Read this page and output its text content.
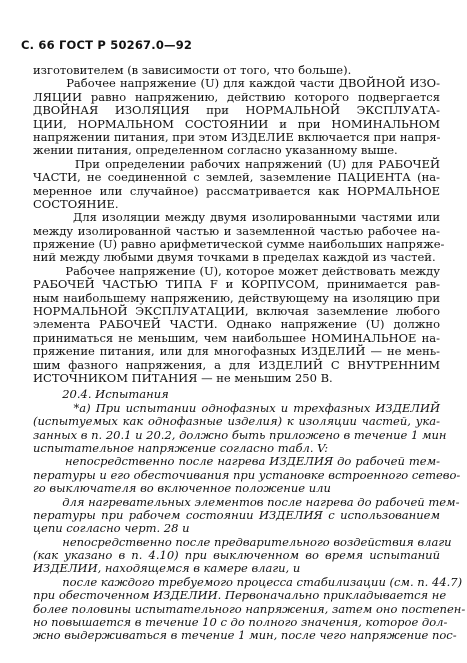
С. 66 ГОСТ Р 50267.0—92
изготовителем (в зависимости от того, что больше).
Рабочее напряжение (U) для каждой части ДВОЙНОЙ ИЗО-
ЛЯЦИИ равно напряжению, действию которого подвергается
ДВОЙНАЯ ИЗОЛЯЦИЯ при НОРМАЛЬНОЙ ЭКСПЛУАТА-
ЦИИ, НОРМАЛЬНОМ СОСТОЯНИИ и при НОМИНАЛЬНОМ
напряжении питания, при этом ИЗДЕЛИЕ включается при напря-
жении питания, определенном согласно указанному выше.
При определении рабочих напряжений (U) для РАБОЧЕЙ
ЧАСТИ, не соединенной с землей, заземление ПАЦИЕНТА (на-
меренное или случайное) рассматривается как НОРМАЛЬНОЕ
СОСТОЯНИЕ.
Для изоляции между двумя изолированными частями или
между изолированной частью и заземленной частью рабочее на-
пряжение (U) равно арифметической сумме наибольших напряже-
ний между любыми двумя точками в пределах каждой из частей.
Рабочее напряжение (U), которое может действовать между
РАБОЧЕЙ ЧАСТЬЮ ТИПА F и КОРПУСОМ, принимается рав-
ным наибольшему напряжению, действующему на изоляцию при
НОРМАЛЬНОЙ ЭКСПЛУАТАЦИИ, включая заземление любого
элемента РАБОЧЕЙ ЧАСТИ. Однако напряжение (U) должно
приниматься не меньшим, чем наибольшее НОМИНАЛЬНОЕ на-
пряжение питания, или для многофазных ИЗДЕЛИЙ — не мень-
шим фазного напряжения, а для ИЗДЕЛИЙ С ВНУТРЕННИМ
ИСТОЧНИКОМ ПИТАНИЯ — не меньшим 250 В.
20.4. Испытания
*а) При испытании однофазных и трехфазных ИЗДЕЛИЙ
(испытуемых как однофазные изделия) к изоляции частей, ука-
занных в п. 20.1 и 20.2, должно быть приложено в течение 1 мин
испытательное напряжение согласно табл. V:
непосредственно после нагрева ИЗДЕЛИЯ до рабочей тем-
пературы и его обесточивания при установке встроенного сетево-
го выключателя во включенное положение или
для нагревательных элементов после нагрева до рабочей тем-
пературы при рабочем состоянии ИЗДЕЛИЯ с использованием
цепи согласно черт. 28 и
непосредственно после предварительного воздействия влаги
(как указано в п. 4.10) при выключенном во время испытаний
ИЗДЕЛИИ, находящемся в камере влаги, и
после каждого требуемого процесса стабилизации (см. п. 44.7)
при обесточенном ИЗДЕЛИИ. Первоначально прикладывается не
более половины испытательного напряжения, затем оно постепен-
но повышается в течение 10 с до полного значения, которое дол-
жно выдерживаться в течение 1 мин, после чего напряжение пос-
